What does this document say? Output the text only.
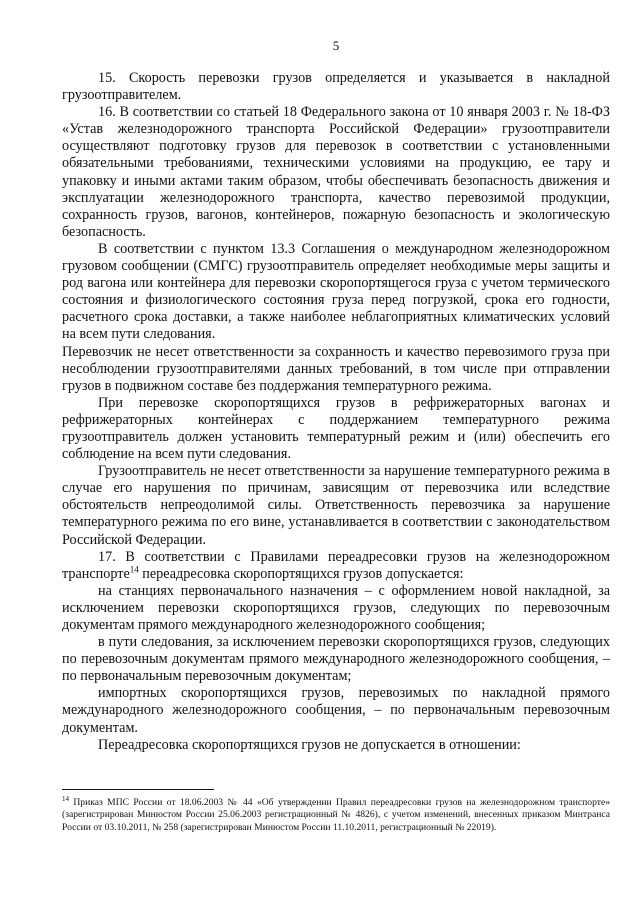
5

15. Скорость перевозки грузов определяется и указывается в накладной грузоотправителем.

16. В соответствии со статьей 18 Федерального закона от 10 января 2003 г. № 18-ФЗ «Устав железнодорожного транспорта Российской Федерации» грузоотправители осуществляют подготовку грузов для перевозок в соответствии с установленными обязательными требованиями, техническими условиями на продукцию, ее тару и упаковку и иными актами таким образом, чтобы обеспечивать безопасность движения и эксплуатации железнодорожного транспорта, качество перевозимой продукции, сохранность грузов, вагонов, контейнеров, пожарную безопасность и экологическую безопасность.

В соответствии с пунктом 13.3 Соглашения о международном железнодорожном грузовом сообщении (СМГС) грузоотправитель определяет необходимые меры защиты и род вагона или контейнера для перевозки скоропортящегося груза с учетом термического состояния и физиологического состояния груза перед погрузкой, срока его годности, расчетного срока доставки, а также наиболее неблагоприятных климатических условий на всем пути следования.

Перевозчик не несет ответственности за сохранность и качество перевозимого груза при несоблюдении грузоотправителями данных требований, в том числе при отправлении грузов в подвижном составе без поддержания температурного режима.

При перевозке скоропортящихся грузов в рефрижераторных вагонах и рефрижераторных контейнерах с поддержанием температурного режима грузоотправитель должен установить температурный режим и (или) обеспечить его соблюдение на всем пути следования.

Грузоотправитель не несет ответственности за нарушение температурного режима в случае его нарушения по причинам, зависящим от перевозчика или вследствие обстоятельств непреодолимой силы. Ответственность перевозчика за нарушение температурного режима по его вине, устанавливается в соответствии с законодательством Российской Федерации.

17. В соответствии с Правилами переадресовки грузов на железнодорожном транспорте$^{14}$ переадресовка скоропортящихся грузов допускается:

на станциях первоначального назначения – с оформлением новой накладной, за исключением перевозки скоропортящихся грузов, следующих по перевозочным документам прямого международного железнодорожного сообщения;

в пути следования, за исключением перевозки скоропортящихся грузов, следующих по перевозочным документам прямого международного железнодорожного сообщения, – по первоначальным перевозочным документам;

импортных скоропортящихся грузов, перевозимых по накладной прямого международного железнодорожного сообщения, – по первоначальным перевозочным документам.

Переадресовка скоропортящихся грузов не допускается в отношении:

$^{14}$ Приказ МПС России от 18.06.2003 № 44 «Об утверждении Правил переадресовки грузов на железнодорожном транспорте» (зарегистрирован Минюстом России 25.06.2003 регистрационный № 4826), с учетом изменений, внесенных приказом Минтранса России от 03.10.2011, № 258 (зарегистрирован Минюстом России 11.10.2011, регистрационный № 22019).
